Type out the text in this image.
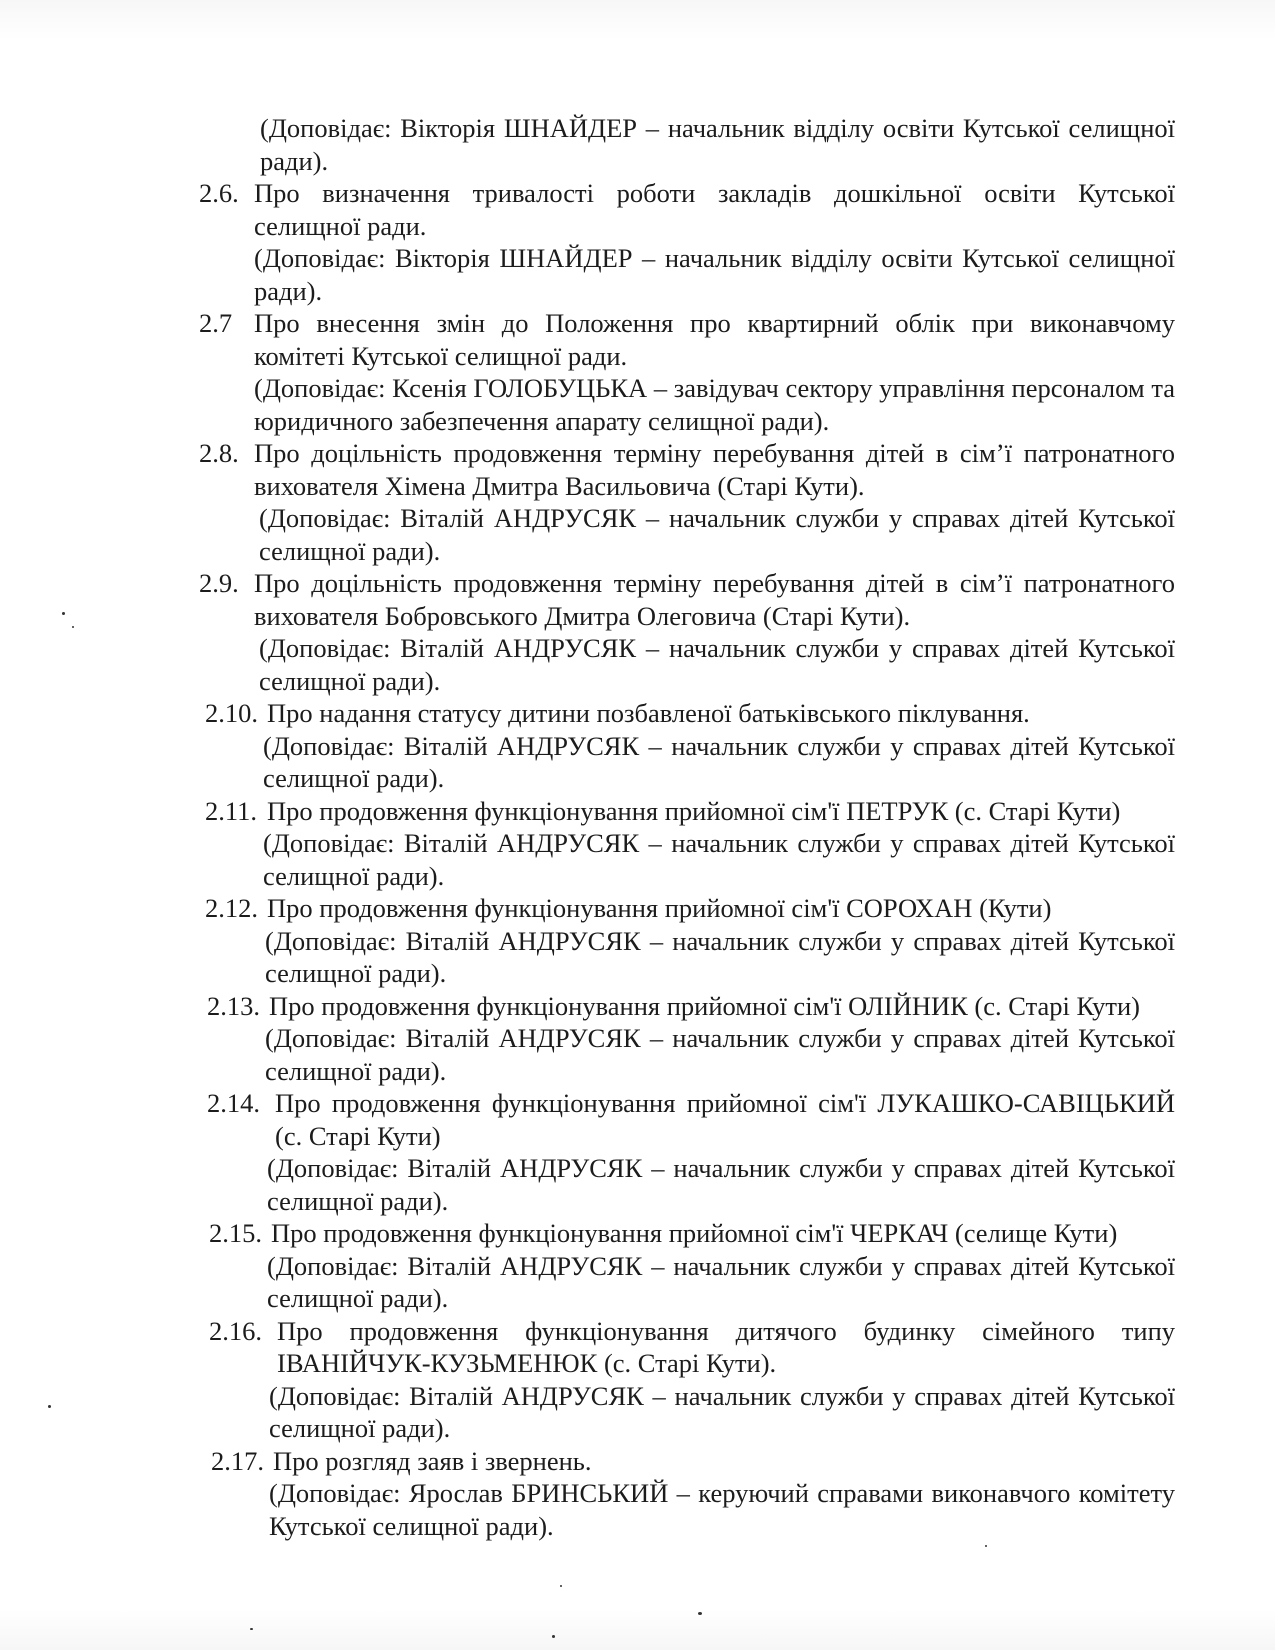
(Доповідає: Вікторія ШНАЙДЕР – начальник відділу освіти Кутської селищної ради).
2.6. Про визначення тривалості роботи закладів дошкільної освіти Кутської селищної ради.
(Доповідає: Вікторія ШНАЙДЕР – начальник відділу освіти Кутської селищної ради).
2.7 Про внесення змін до Положення про квартирний облік при виконавчому комітеті Кутської селищної ради.
(Доповідає: Ксенія ГОЛОБУЦЬКА – завідувач сектору управління персоналом та юридичного забезпечення апарату селищної ради).
2.8. Про доцільність продовження терміну перебування дітей в сім’ї патронатного вихователя Хімена Дмитра Васильовича (Старі Кути).
(Доповідає: Віталій АНДРУСЯК – начальник служби у справах дітей Кутської селищної ради).
2.9. Про доцільність продовження терміну перебування дітей в сім’ї патронатного вихователя Бобровського Дмитра Олеговича (Старі Кути).
(Доповідає: Віталій АНДРУСЯК – начальник служби у справах дітей Кутської селищної ради).
2.10. Про надання статусу дитини позбавленої батьківського піклування.
(Доповідає: Віталій АНДРУСЯК – начальник служби у справах дітей Кутської селищної ради).
2.11. Про продовження функціонування прийомної сім'ї ПЕТРУК (с. Старі Кути)
(Доповідає: Віталій АНДРУСЯК – начальник служби у справах дітей Кутської селищної ради).
2.12. Про продовження функціонування прийомної сім'ї СОРОХАН (Кути)
(Доповідає: Віталій АНДРУСЯК – начальник служби у справах дітей Кутської селищної ради).
2.13. Про продовження функціонування прийомної сім'ї ОЛІЙНИК (с. Старі Кути)
(Доповідає: Віталій АНДРУСЯК – начальник служби у справах дітей Кутської селищної ради).
2.14. Про продовження функціонування прийомної сім'ї ЛУКАШКО-САВІЦЬКИЙ (с. Старі Кути)
(Доповідає: Віталій АНДРУСЯК – начальник служби у справах дітей Кутської селищної ради).
2.15. Про продовження функціонування прийомної сім'ї ЧЕРКАЧ (селище Кути)
(Доповідає: Віталій АНДРУСЯК – начальник служби у справах дітей Кутської селищної ради).
2.16. Про продовження функціонування дитячого будинку сімейного типу ІВАНІЙЧУК-КУЗЬМЕНЮК (с. Старі Кути).
(Доповідає: Віталій АНДРУСЯК – начальник служби у справах дітей Кутської селищної ради).
2.17. Про розгляд заяв і звернень.
(Доповідає: Ярослав БРИНСЬКИЙ – керуючий справами виконавчого комітету Кутської селищної ради).
